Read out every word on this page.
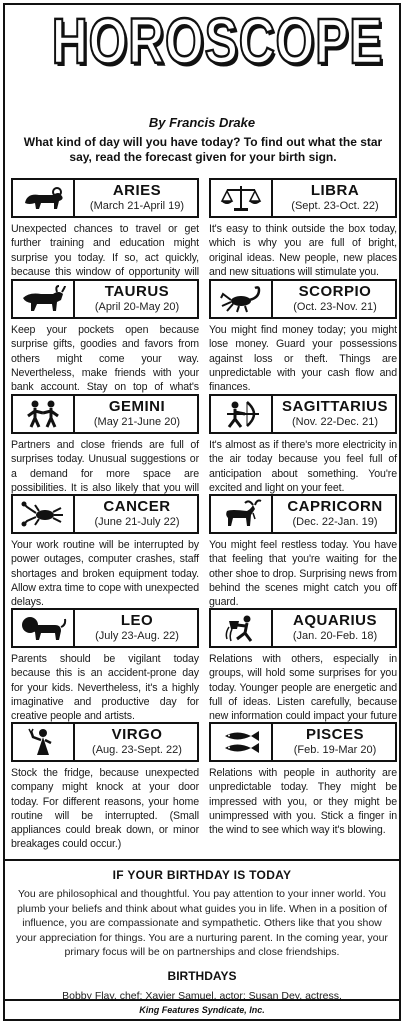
HOROSCOPE
By Francis Drake
What kind of day will you have today? To find out what the star say, read the forecast given for your birth sign.
ARIES
(March 21-April 19)
Unexpected chances to travel or get further training and education might surprise you today. If so, act quickly, because this window of opportunity will
LIBRA
(Sept. 23-Oct. 22)
It's easy to think outside the box today, which is why you are full of bright, original ideas. New people, new places and new situations will stimulate you.
TAURUS
(April 20-May 20)
Keep your pockets open because surprise gifts, goodies and favors from others might come your way. Nevertheless, make friends with your bank account. Stay on top of what's
SCORPIO
(Oct. 23-Nov. 21)
You might find money today; you might lose money. Guard your possessions against loss or theft. Things are unpredictable with your cash flow and finances.
GEMINI
(May 21-June 20)
Partners and close friends are full of surprises today. Unusual suggestions or a demand for more space are possibilities. It is also likely that you will
SAGITTARIUS
(Nov. 22-Dec. 21)
It's almost as if there's more electricity in the air today because you feel full of anticipation about something. You're excited and light on your feet.
CANCER
(June 21-July 22)
Your work routine will be interrupted by power outages, computer crashes, staff shortages and broken equipment today. Allow extra time to cope with unexpected delays.
CAPRICORN
(Dec. 22-Jan. 19)
You might feel restless today. You have that feeling that you're waiting for the other shoe to drop. Surprising news from behind the scenes might catch you off guard.
LEO
(July 23-Aug. 22)
Parents should be vigilant today because this is an accident-prone day for your kids. Nevertheless, it's a highly imaginative and productive day for creative people and artists.
AQUARIUS
(Jan. 20-Feb. 18)
Relations with others, especially in groups, will hold some surprises for you today. Younger people are energetic and full of ideas. Listen carefully, because new information could impact your future
VIRGO
(Aug. 23-Sept. 22)
Stock the fridge, because unexpected company might knock at your door today. For different reasons, your home routine will be interrupted. (Small appliances could break down, or minor breakages could occur.)
PISCES
(Feb. 19-Mar 20)
Relations with people in authority are unpredictable today. They might be impressed with you, or they might be unimpressed with you. Stick a finger in the wind to see which way it's blowing.
IF YOUR BIRTHDAY IS TODAY
You are philosophical and thoughtful. You pay attention to your inner world. You plumb your beliefs and think about what guides you in life. When in a position of influence, you are compassionate and sympathetic. Others like that you show your appreciation for things. You are a nurturing parent. In the coming year, your primary focus will be on partnerships and close friendships.
BIRTHDAYS
Bobby Flay, chef; Xavier Samuel, actor; Susan Dey, actress.
King Features Syndicate, Inc.
